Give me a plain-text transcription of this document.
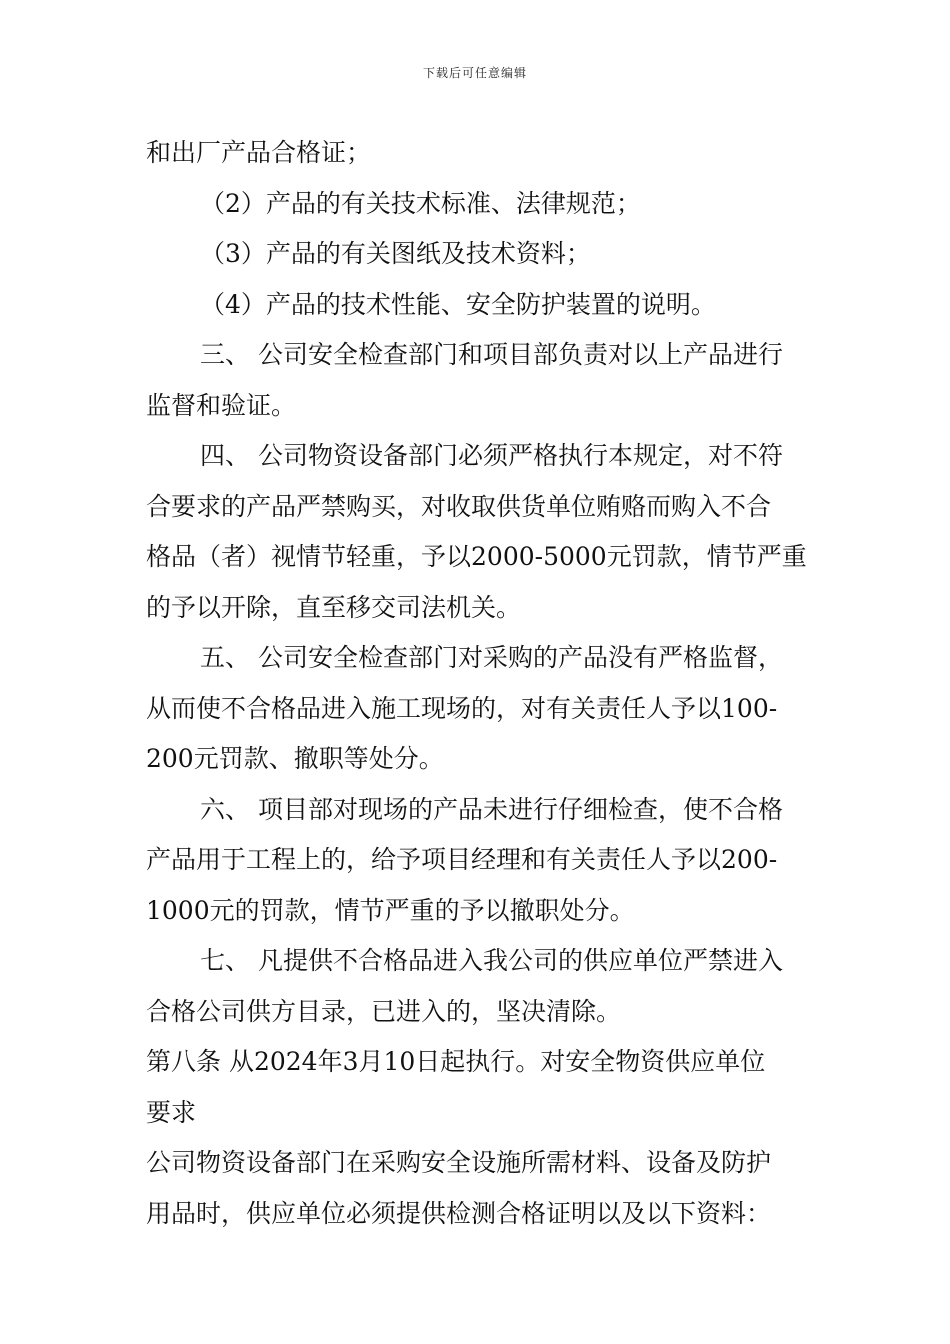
下载后可任意编辑
和出厂产品合格证；
（2）产品的有关技术标准、法律规范；
（3）产品的有关图纸及技术资料；
（4）产品的技术性能、安全防护装置的说明。
三、 公司安全检查部门和项目部负责对以上产品进行
监督和验证。
四、 公司物资设备部门必须严格执行本规定，对不符
合要求的产品严禁购买，对收取供货单位贿赂而购入不合
格品（者）视情节轻重，予以2000-5000元罚款，情节严重
的予以开除，直至移交司法机关。
五、 公司安全检查部门对采购的产品没有严格监督，
从而使不合格品进入施工现场的，对有关责任人予以100-
200元罚款、撤职等处分。
六、 项目部对现场的产品未进行仔细检查，使不合格
产品用于工程上的，给予项目经理和有关责任人予以200-
1000元的罚款，情节严重的予以撤职处分。
七、 凡提供不合格品进入我公司的供应单位严禁进入
合格公司供方目录，已进入的，坚决清除。
第八条 从2024年3月10日起执行。对安全物资供应单位
要求
公司物资设备部门在采购安全设施所需材料、设备及防护
用品时，供应单位必须提供检测合格证明以及以下资料：
